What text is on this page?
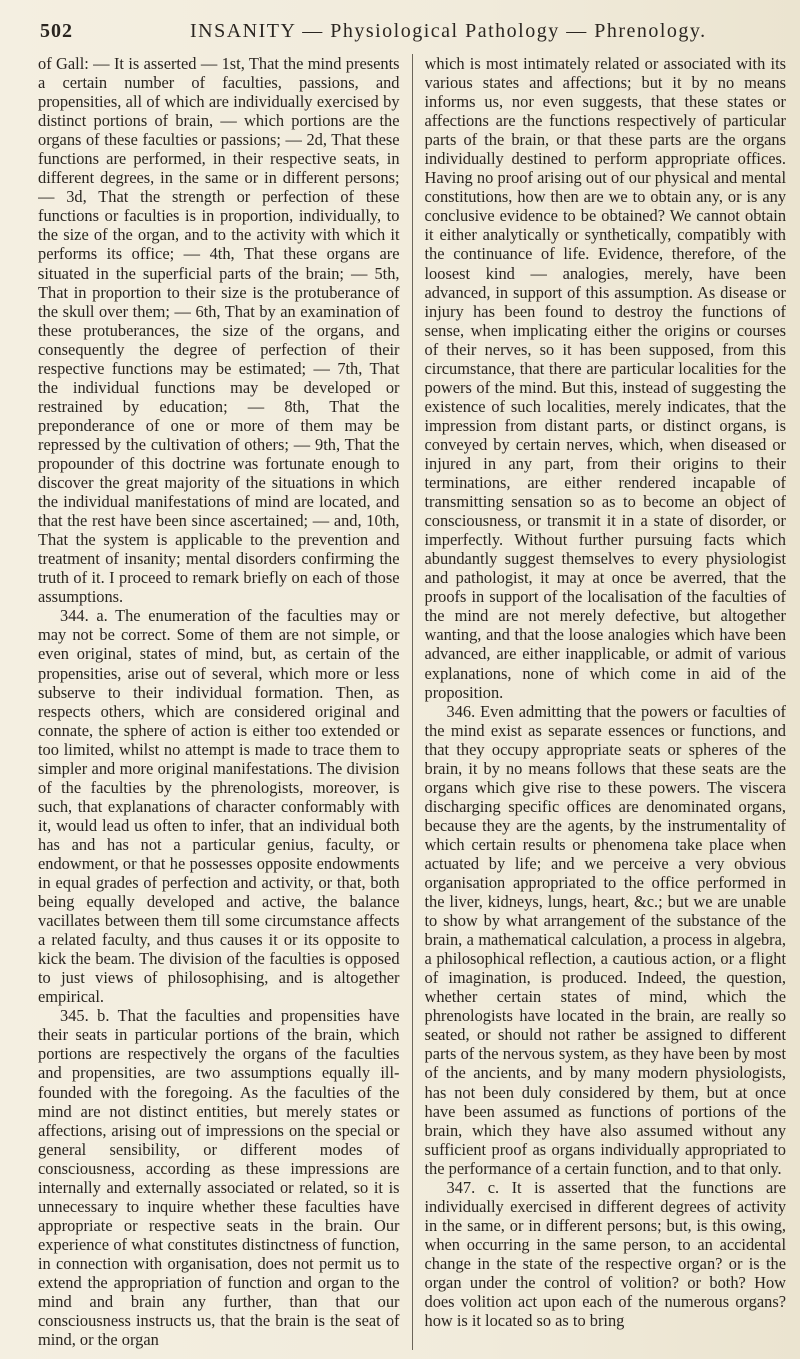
502	INSANITY — Physiological Pathology — Phrenology.

of Gall: — It is asserted — 1st, That the mind presents a certain number of faculties, passions, and propensities, all of which are individually exercised by distinct portions of brain, — which portions are the organs of these faculties or passions; — 2d, That these functions are performed, in their respective seats, in different degrees, in the same or in different persons; — 3d, That the strength or perfection of these functions or faculties is in proportion, individually, to the size of the organ, and to the activity with which it performs its office; — 4th, That these organs are situated in the superficial parts of the brain; — 5th, That in proportion to their size is the protuberance of the skull over them; — 6th, That by an examination of these protuberances, the size of the organs, and consequently the degree of perfection of their respective functions may be estimated; — 7th, That the individual functions may be developed or restrained by education; — 8th, That the preponderance of one or more of them may be repressed by the cultivation of others; — 9th, That the propounder of this doctrine was fortunate enough to discover the great majority of the situations in which the individual manifestations of mind are located, and that the rest have been since ascertained; — and, 10th, That the system is applicable to the prevention and treatment of insanity; mental disorders confirming the truth of it. I proceed to remark briefly on each of those assumptions.

344. a. The enumeration of the faculties may or may not be correct. Some of them are not simple, or even original, states of mind, but, as certain of the propensities, arise out of several, which more or less subserve to their individual formation. Then, as respects others, which are considered original and connate, the sphere of action is either too extended or too limited, whilst no attempt is made to trace them to simpler and more original manifestations. The division of the faculties by the phrenologists, moreover, is such, that explanations of character conformably with it, would lead us often to infer, that an individual both has and has not a particular genius, faculty, or endowment, or that he possesses opposite endowments in equal grades of perfection and activity, or that, both being equally developed and active, the balance vacillates between them till some circumstance affects a related faculty, and thus causes it or its opposite to kick the beam. The division of the faculties is opposed to just views of philosophising, and is altogether empirical.

345. b. That the faculties and propensities have their seats in particular portions of the brain, which portions are respectively the organs of the faculties and propensities, are two assumptions equally ill-founded with the foregoing. As the faculties of the mind are not distinct entities, but merely states or affections, arising out of impressions on the special or general sensibility, or different modes of consciousness, according as these impressions are internally and externally associated or related, so it is unnecessary to inquire whether these faculties have appropriate or respective seats in the brain. Our experience of what constitutes distinctness of function, in connection with organisation, does not permit us to extend the appropriation of function and organ to the mind and brain any further, than that our consciousness instructs us, that the brain is the seat of mind, or the organ

which is most intimately related or associated with its various states and affections; but it by no means informs us, nor even suggests, that these states or affections are the functions respectively of particular parts of the brain, or that these parts are the organs individually destined to perform appropriate offices. Having no proof arising out of our physical and mental constitutions, how then are we to obtain any, or is any conclusive evidence to be obtained? We cannot obtain it either analytically or synthetically, compatibly with the continuance of life. Evidence, therefore, of the loosest kind — analogies, merely, have been advanced, in support of this assumption. As disease or injury has been found to destroy the functions of sense, when implicating either the origins or courses of their nerves, so it has been supposed, from this circumstance, that there are particular localities for the powers of the mind. But this, instead of suggesting the existence of such localities, merely indicates, that the impression from distant parts, or distinct organs, is conveyed by certain nerves, which, when diseased or injured in any part, from their origins to their terminations, are either rendered incapable of transmitting sensation so as to become an object of consciousness, or transmit it in a state of disorder, or imperfectly. Without further pursuing facts which abundantly suggest themselves to every physiologist and pathologist, it may at once be averred, that the proofs in support of the localisation of the faculties of the mind are not merely defective, but altogether wanting, and that the loose analogies which have been advanced, are either inapplicable, or admit of various explanations, none of which come in aid of the proposition.

346. Even admitting that the powers or faculties of the mind exist as separate essences or functions, and that they occupy appropriate seats or spheres of the brain, it by no means follows that these seats are the organs which give rise to these powers. The viscera discharging specific offices are denominated organs, because they are the agents, by the instrumentality of which certain results or phenomena take place when actuated by life; and we perceive a very obvious organisation appropriated to the office performed in the liver, kidneys, lungs, heart, &c.; but we are unable to show by what arrangement of the substance of the brain, a mathematical calculation, a process in algebra, a philosophical reflection, a cautious action, or a flight of imagination, is produced. Indeed, the question, whether certain states of mind, which the phrenologists have located in the brain, are really so seated, or should not rather be assigned to different parts of the nervous system, as they have been by most of the ancients, and by many modern physiologists, has not been duly considered by them, but at once have been assumed as functions of portions of the brain, which they have also assumed without any sufficient proof as organs individually appropriated to the performance of a certain function, and to that only.

347. c. It is asserted that the functions are individually exercised in different degrees of activity in the same, or in different persons; but, is this owing, when occurring in the same person, to an accidental change in the state of the respective organ? or is the organ under the control of volition? or both? How does volition act upon each of the numerous organs? how is it located so as to bring
